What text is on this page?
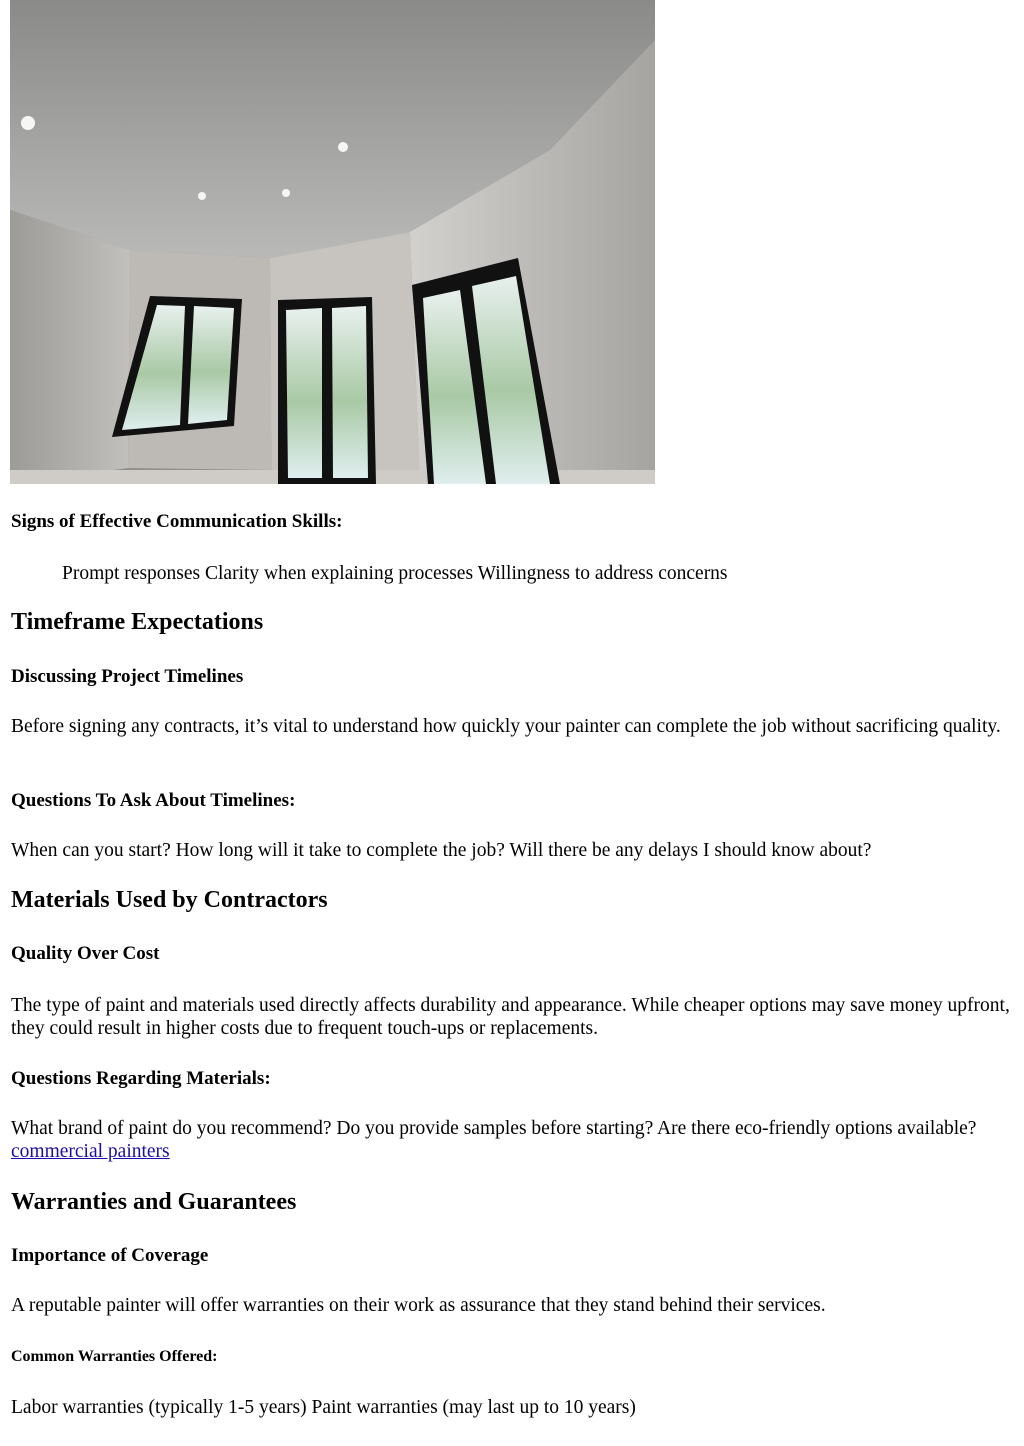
Signs of Effective Communication Skills:

Prompt responses Clarity when explaining processes Willingness to address concerns

Timeframe Expectations
Discussing Project Timelines

Before signing any contracts, it’s vital to understand how quickly your painter can complete the job without sacrificing quality.

Questions To Ask About Timelines:

When can you start? How long will it take to complete the job? Will there be any delays I should know about?

Materials Used by Contractors
Quality Over Cost

The type of paint and materials used directly affects durability and appearance. While cheaper options may save money upfront, they could result in higher costs due to frequent touch-ups or replacements.

Questions Regarding Materials:

What brand of paint do you recommend? Do you provide samples before starting? Are there eco-friendly options available? commercial painters

Warranties and Guarantees
Importance of Coverage

A reputable painter will offer warranties on their work as assurance that they stand behind their services.

Common Warranties Offered:

Labor warranties (typically 1-5 years) Paint warranties (may last up to 10 years)
